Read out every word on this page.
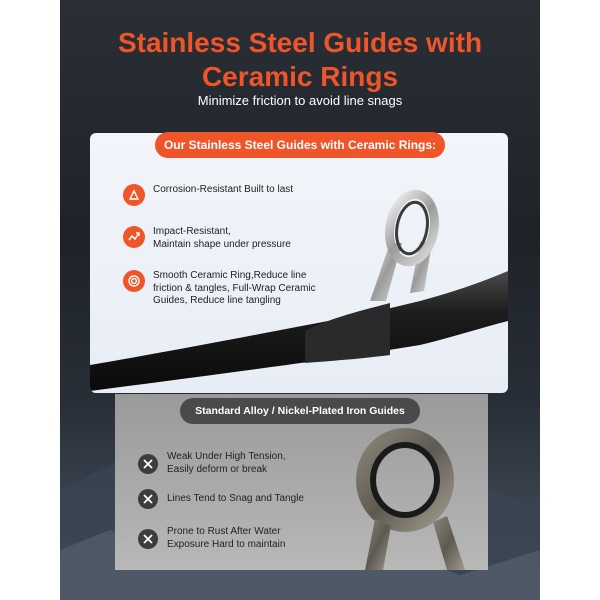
Stainless Steel Guides with
Ceramic Rings
Minimize friction to avoid line snags
Our Stainless Steel Guides with Ceramic Rings:
Corrosion-Resistant Built to last
Impact-Resistant,
Maintain shape under pressure
Smooth Ceramic Ring,Reduce line
friction & tangles, Full-Wrap Ceramic
Guides, Reduce line tangling
Standard Alloy / Nickel-Plated Iron Guides
Weak Under High Tension,
Easily deform or break
Lines Tend to Snag and Tangle
Prone to Rust After Water
Exposure Hard to maintain
